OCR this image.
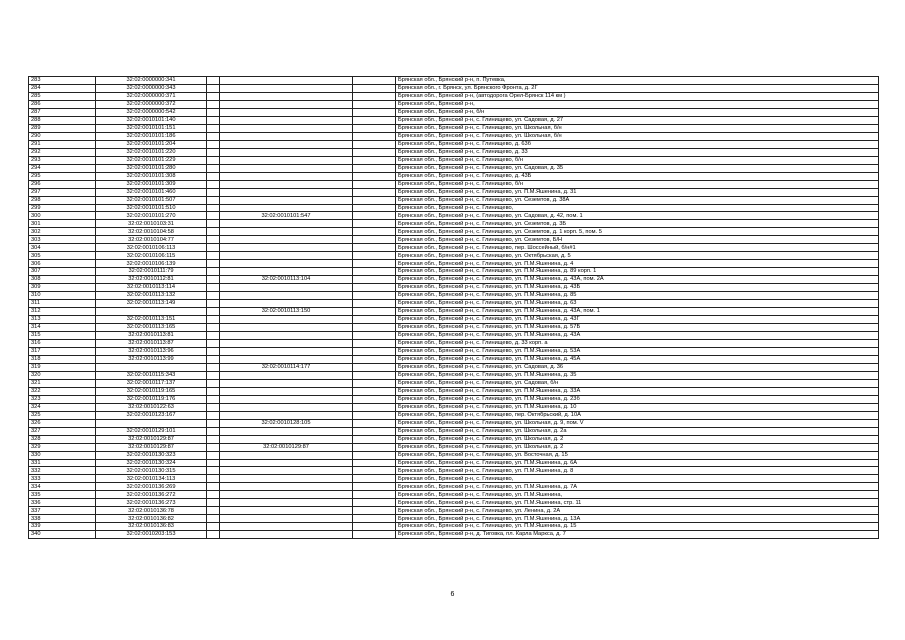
283	32:02:0000000:341				Брянская обл., Брянский р-н, п. Путевка,
284	32:02:0000000:343				Брянская обл., г. Брянск, ул. Брянского Фронта, д. 2Г
285	32:02:0000000:371				Брянская обл., Брянский р-н, (автодорога Орел-Брянск 114 км )
286	32:02:0000000:372				Брянская обл., Брянский р-н,
287	32:02:0000000:542				Брянская обл., Брянский р-н, б/н
288	32:02:0010101:140				Брянская обл., Брянский р-н, с. Глинищево, ул. Садовая, д. 27
289	32:02:0010101:151				Брянская обл., Брянский р-н, с. Глинищево, ул. Школьная, б/н
290	32:02:0010101:186				Брянская обл., Брянский р-н, с. Глинищево, ул. Школьная, б/н
291	32:02:0010101:204				Брянская обл., Брянский р-н, с. Глинищево, д. 63б
292	32:02:0010101:220				Брянская обл., Брянский р-н, с. Глинищево, д. 33
293	32:02:0010101:229				Брянская обл., Брянский р-н, с. Глинищево, б/н
294	32:02:0010101:280				Брянская обл., Брянский р-н, с. Глинищево, ул. Садовая, д. 35
295	32:02:0010101:308				Брянская обл., Брянский р-н, с. Глинищево, д. 43Б
296	32:02:0010101:309				Брянская обл., Брянский р-н, с. Глинищево, б/н
297	32:02:0010101:460				Брянская обл., Брянский р-н, с. Глинищево, ул. П.М.Яшенина, д. 31
298	32:02:0010101:507				Брянская обл., Брянский р-н, с. Глинищево, ул. Сеземтов, д. 38А
299	32:02:0010101:510				Брянская обл., Брянский р-н, с. Глинищево,
300	32:02:0010101:270		32:02:0010101:547		Брянская обл., Брянский р-н, с. Глинищево, ул. Садовая, д. 42, пом. 1
301	32:02:0010103:31				Брянская обл., Брянский р-н, с. Глинищево, ул. Сеземтов, д. 3Б
302	32:02:0010104:58				Брянская обл., Брянский р-н, с. Глинищево, ул. Сеземтов, д. 1 корп. 5, пом. 5
303	32:02:0010104:77				Брянская обл., Брянский р-н, с. Глинищево, ул. Сеземтов, Б/Н
304	32:02:0010106:113				Брянская обл., Брянский р-н, с. Глинищево, пер. Шоссейный, б/н#1
305	32:02:0010106:115				Брянская обл., Брянский р-н, с. Глинищево, ул. Октябрьская, д. 5
306	32:02:0010106:139				Брянская обл., Брянский р-н, с. Глинищево, ул. П.М.Яшенина, д. 4
307	32:02:0010111:79				Брянская обл., Брянский р-н, с. Глинищево, ул. П.М.Яшенина, д. 89 корп. 1
308	32:02:0010112:81		32:02:0010113:104		Брянская обл., Брянский р-н, с. Глинищево, ул. П.М.Яшенина, д. 43А, пом. 2А
309	32:02:0010113:114				Брянская обл., Брянский р-н, с. Глинищево, ул. П.М.Яшенина, д. 43Б
310	32:02:0010113:132				Брянская обл., Брянский р-н, с. Глинищево, ул. П.М.Яшенина, д. 85
311	32:02:0010113:149				Брянская обл., Брянский р-н, с. Глинищево, ул. П.М.Яшенина, д. 63
312			32:02:0010113:150		Брянская обл., Брянский р-н, с. Глинищево, ул. П.М.Яшенина, д. 43А, пом. 1
313	32:02:0010113:151				Брянская обл., Брянский р-н, с. Глинищево, ул. П.М.Яшенина, д. 43Г
314	32:02:0010113:165				Брянская обл., Брянский р-н, с. Глинищево, ул. П.М.Яшенина, д. 57Б
315	32:02:0010113:81				Брянская обл., Брянский р-н, с. Глинищево, ул. П.М.Яшенина, д. 43А
316	32:02:0010113:87				Брянская обл., Брянский р-н, с. Глинищево, д. 33 корп. а
317	32:02:0010113:96				Брянская обл., Брянский р-н, с. Глинищево, ул. П.М.Яшенина, д. 53А
318	32:02:0010113:99				Брянская обл., Брянский р-н, с. Глинищево, ул. П.М.Яшенина, д. 45А
319			32:02:0010114:177		Брянская обл., Брянский р-н, с. Глинищево, ул. Садовая, д. 36
320	32:02:0010115:343				Брянская обл., Брянский р-н, с. Глинищево, ул. П.М.Яшенина, д. 35
321	32:02:0010117:137				Брянская обл., Брянский р-н, с. Глинищево, ул. Садовая, б/н
322	32:02:0010119:165				Брянская обл., Брянский р-н, с. Глинищево, ул. П.М.Яшенина, д. 33А
323	32:02:0010119:176				Брянская обл., Брянский р-н, с. Глинищево, ул. П.М.Яшенина, д. 23б
324	32:02:0010122:63				Брянская обл., Брянский р-н, с. Глинищево, ул. П.М.Яшенина, д. 10
325	32:02:0010123:167				Брянская обл., Брянский р-н, с. Глинищево, пер. Октябрьский, д. 10А
326			32:02:0010128:105		Брянская обл., Брянский р-н, с. Глинищево, ул. Школьная, д. 9, пом. V
327	32:02:0010129:101				Брянская обл., Брянский р-н, с. Глинищево, ул. Школьная, д. 2а
328	32:02:0010129:87				Брянская обл., Брянский р-н, с. Глинищево, ул. Школьная, д. 2
329	32:02:0010129:87		32:02:0010129:87		Брянская обл., Брянский р-н, с. Глинищево, ул. Школьная, д. 2
330	32:02:0010130:323				Брянская обл., Брянский р-н, с. Глинищево, ул. Восточная, д. 15
331	32:02:0010130:324				Брянская обл., Брянский р-н, с. Глинищево, ул. П.М.Яшенина, д. 6А
332	32:02:0010130:315				Брянская обл., Брянский р-н, с. Глинищево, ул. П.М.Яшенина, д. 8
333	32:02:0010134:113				Брянская обл., Брянский р-н, с. Глинищево,
334	32:02:0010136:269				Брянская обл., Брянский р-н, с. Глинищево, ул. П.М.Яшенина, д. 7А
335	32:02:0010136:272				Брянская обл., Брянский р-н, с. Глинищево, ул. П.М.Яшенина,
336	32:02:0010136:273				Брянская обл., Брянский р-н, с. Глинищево, ул. П.М.Яшенина, стр. 11
337	32:02:0010136:78				Брянская обл., Брянский р-н, с. Глинищево, ул. Ленина, д. 2А
338	32:02:0010136:82				Брянская обл., Брянский р-н, с. Глинищево, ул. П.М.Яшенина, д. 13А
339	32:02:0010136:83				Брянская обл., Брянский р-н, с. Глинищево, ул. П.М.Яшенина, д. 15
340	32:02:0010203:153				Брянская обл., Брянский р-н, д. Тиговка, пл. Карла Маркса, д. 7
6
